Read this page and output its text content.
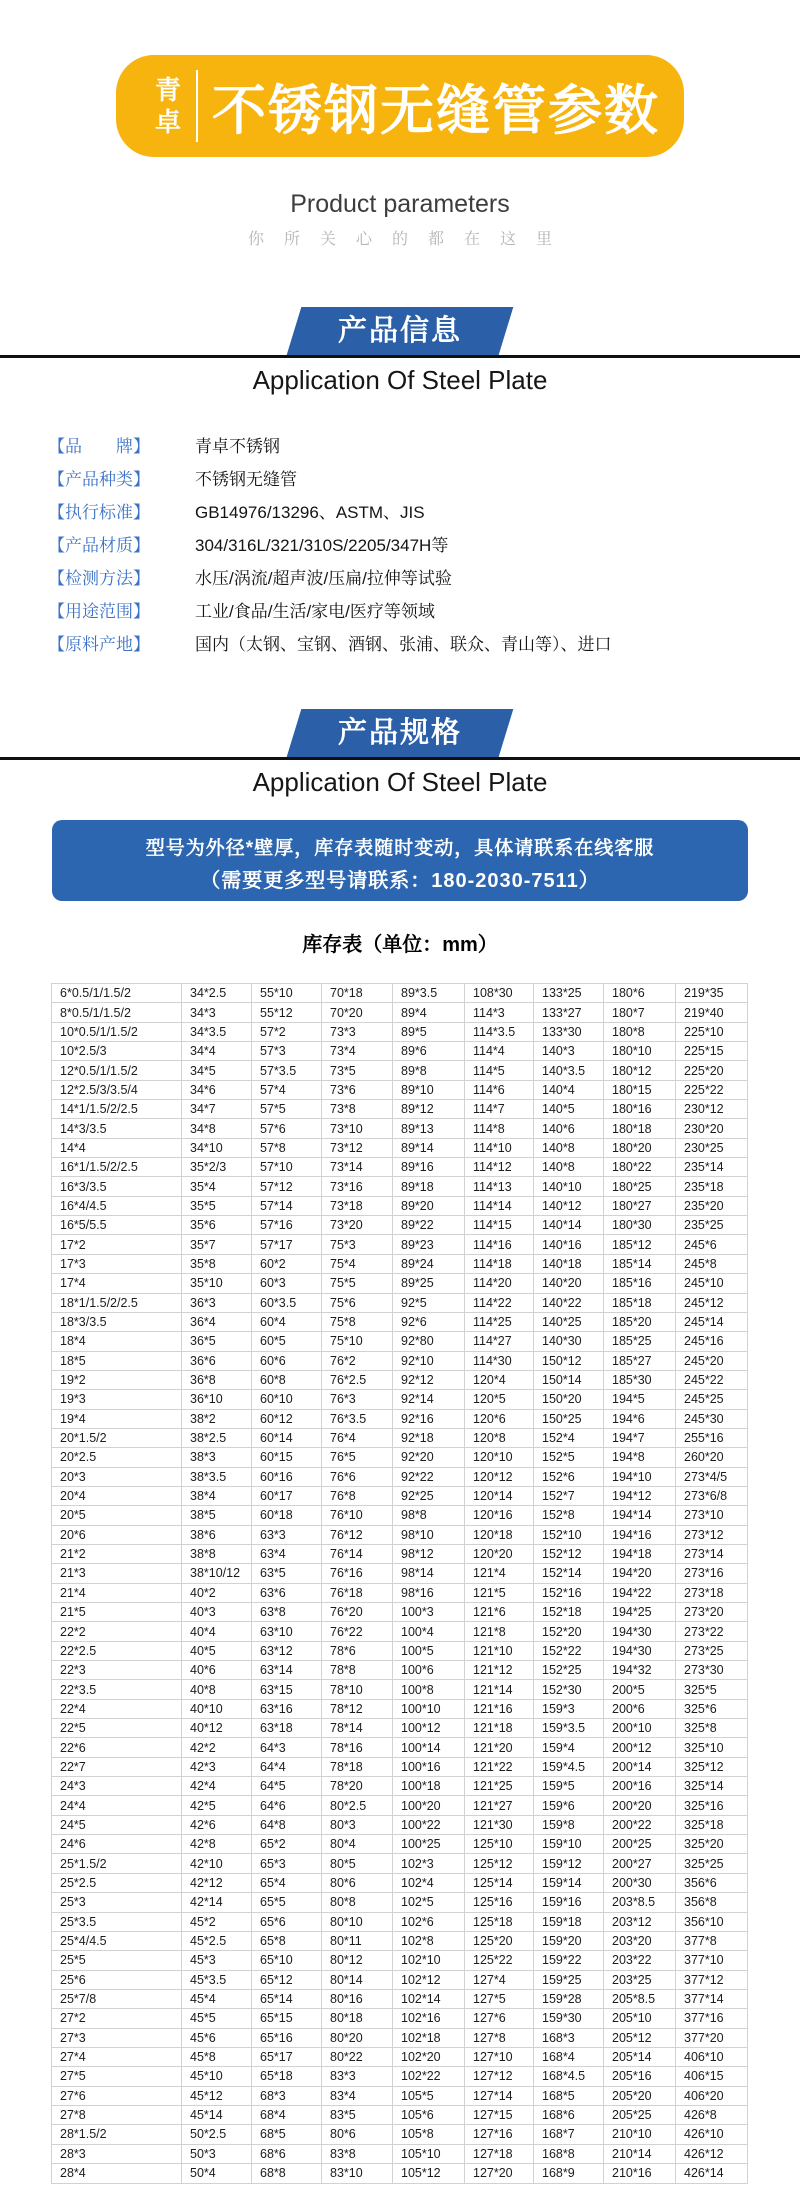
青卓 不锈钢无缝管参数
Product parameters
你所关心的都在这里
产品信息
Application Of Steel Plate
【品　　牌】	青卓不锈钢
【产品种类】	不锈钢无缝管
【执行标准】	GB14976/13296、ASTM、JIS
【产品材质】	304/316L/321/310S/2205/347H等
【检测方法】	水压/涡流/超声波/压扁/拉伸等试验
【用途范围】	工业/食品/生活/家电/医疗等领域
【原料产地】	国内（太钢、宝钢、酒钢、张浦、联众、青山等）、进口
产品规格
Application Of Steel Plate
型号为外径*壁厚，库存表随时变动，具体请联系在线客服
（需要更多型号请联系：180-2030-7511）
库存表（单位：mm）
6*0.5/1/1.5/2	34*2.5	55*10	70*18	89*3.5	108*30	133*25	180*6	219*35
8*0.5/1/1.5/2	34*3	55*12	70*20	89*4	114*3	133*27	180*7	219*40
10*0.5/1/1.5/2	34*3.5	57*2	73*3	89*5	114*3.5	133*30	180*8	225*10
10*2.5/3	34*4	57*3	73*4	89*6	114*4	140*3	180*10	225*15
12*0.5/1/1.5/2	34*5	57*3.5	73*5	89*8	114*5	140*3.5	180*12	225*20
12*2.5/3/3.5/4	34*6	57*4	73*6	89*10	114*6	140*4	180*15	225*22
14*1/1.5/2/2.5	34*7	57*5	73*8	89*12	114*7	140*5	180*16	230*12
14*3/3.5	34*8	57*6	73*10	89*13	114*8	140*6	180*18	230*20
14*4	34*10	57*8	73*12	89*14	114*10	140*8	180*20	230*25
16*1/1.5/2/2.5	35*2/3	57*10	73*14	89*16	114*12	140*8	180*22	235*14
16*3/3.5	35*4	57*12	73*16	89*18	114*13	140*10	180*25	235*18
16*4/4.5	35*5	57*14	73*18	89*20	114*14	140*12	180*27	235*20
16*5/5.5	35*6	57*16	73*20	89*22	114*15	140*14	180*30	235*25
17*2	35*7	57*17	75*3	89*23	114*16	140*16	185*12	245*6
17*3	35*8	60*2	75*4	89*24	114*18	140*18	185*14	245*8
17*4	35*10	60*3	75*5	89*25	114*20	140*20	185*16	245*10
18*1/1.5/2/2.5	36*3	60*3.5	75*6	92*5	114*22	140*22	185*18	245*12
18*3/3.5	36*4	60*4	75*8	92*6	114*25	140*25	185*20	245*14
18*4	36*5	60*5	75*10	92*80	114*27	140*30	185*25	245*16
18*5	36*6	60*6	76*2	92*10	114*30	150*12	185*27	245*20
19*2	36*8	60*8	76*2.5	92*12	120*4	150*14	185*30	245*22
19*3	36*10	60*10	76*3	92*14	120*5	150*20	194*5	245*25
19*4	38*2	60*12	76*3.5	92*16	120*6	150*25	194*6	245*30
20*1.5/2	38*2.5	60*14	76*4	92*18	120*8	152*4	194*7	255*16
20*2.5	38*3	60*15	76*5	92*20	120*10	152*5	194*8	260*20
20*3	38*3.5	60*16	76*6	92*22	120*12	152*6	194*10	273*4/5
20*4	38*4	60*17	76*8	92*25	120*14	152*7	194*12	273*6/8
20*5	38*5	60*18	76*10	98*8	120*16	152*8	194*14	273*10
20*6	38*6	63*3	76*12	98*10	120*18	152*10	194*16	273*12
21*2	38*8	63*4	76*14	98*12	120*20	152*12	194*18	273*14
21*3	38*10/12	63*5	76*16	98*14	121*4	152*14	194*20	273*16
21*4	40*2	63*6	76*18	98*16	121*5	152*16	194*22	273*18
21*5	40*3	63*8	76*20	100*3	121*6	152*18	194*25	273*20
22*2	40*4	63*10	76*22	100*4	121*8	152*20	194*30	273*22
22*2.5	40*5	63*12	78*6	100*5	121*10	152*22	194*30	273*25
22*3	40*6	63*14	78*8	100*6	121*12	152*25	194*32	273*30
22*3.5	40*8	63*15	78*10	100*8	121*14	152*30	200*5	325*5
22*4	40*10	63*16	78*12	100*10	121*16	159*3	200*6	325*6
22*5	40*12	63*18	78*14	100*12	121*18	159*3.5	200*10	325*8
22*6	42*2	64*3	78*16	100*14	121*20	159*4	200*12	325*10
22*7	42*3	64*4	78*18	100*16	121*22	159*4.5	200*14	325*12
24*3	42*4	64*5	78*20	100*18	121*25	159*5	200*16	325*14
24*4	42*5	64*6	80*2.5	100*20	121*27	159*6	200*20	325*16
24*5	42*6	64*8	80*3	100*22	121*30	159*8	200*22	325*18
24*6	42*8	65*2	80*4	100*25	125*10	159*10	200*25	325*20
25*1.5/2	42*10	65*3	80*5	102*3	125*12	159*12	200*27	325*25
25*2.5	42*12	65*4	80*6	102*4	125*14	159*14	200*30	356*6
25*3	42*14	65*5	80*8	102*5	125*16	159*16	203*8.5	356*8
25*3.5	45*2	65*6	80*10	102*6	125*18	159*18	203*12	356*10
25*4/4.5	45*2.5	65*8	80*11	102*8	125*20	159*20	203*20	377*8
25*5	45*3	65*10	80*12	102*10	125*22	159*22	203*22	377*10
25*6	45*3.5	65*12	80*14	102*12	127*4	159*25	203*25	377*12
25*7/8	45*4	65*14	80*16	102*14	127*5	159*28	205*8.5	377*14
27*2	45*5	65*15	80*18	102*16	127*6	159*30	205*10	377*16
27*3	45*6	65*16	80*20	102*18	127*8	168*3	205*12	377*20
27*4	45*8	65*17	80*22	102*20	127*10	168*4	205*14	406*10
27*5	45*10	65*18	83*3	102*22	127*12	168*4.5	205*16	406*15
27*6	45*12	68*3	83*4	105*5	127*14	168*5	205*20	406*20
27*8	45*14	68*4	83*5	105*6	127*15	168*6	205*25	426*8
28*1.5/2	50*2.5	68*5	80*6	105*8	127*16	168*7	210*10	426*10
28*3	50*3	68*6	83*8	105*10	127*18	168*8	210*14	426*12
28*4	50*4	68*8	83*10	105*12	127*20	168*9	210*16	426*14
